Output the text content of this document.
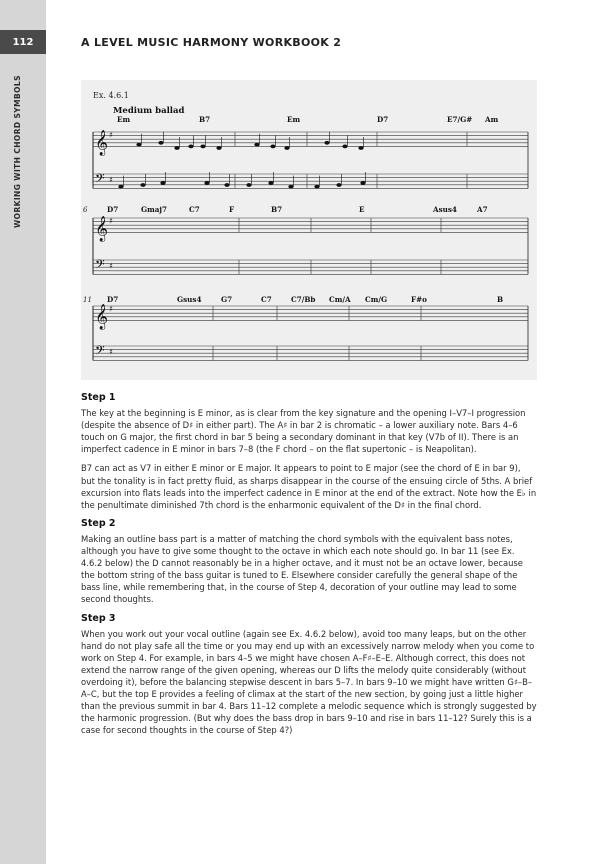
112
WORKING WITH CHORD SYMBOLS
A LEVEL MUSIC HARMONY WORKBOOK 2
Ex. 4.6.1
Medium ballad
𝄞 ♯
𝄢 ♯
Em	B7	Em	D7	E7/G# Am
𝄞 ♯
𝄢 ♯
6	D7	Gmaj7	C7	F	B7	E	Asus4	A7
𝄞 ♯
𝄢 ♯
11 D7	Gsus4	G7	C7	C7/Bb Cm/A Cm/G	F#o	B
Step 1

The key at the beginning is E minor, as is clear from the key signature and the opening I–V7–I progression (despite the absence of D♯ in either part). The A♯ in bar 2 is chromatic – a lower auxiliary note. Bars 4–6 touch on G major, the first chord in bar 5 being a secondary dominant in that key (V7b of II). There is an imperfect cadence in E minor in bars 7–8 (the F chord – on the flat supertonic – is Neapolitan).

B7 can act as V7 in either E minor or E major. It appears to point to E major (see the chord of E in bar 9), but the tonality is in fact pretty fluid, as sharps disappear in the course of the ensuing circle of 5ths. A brief excursion into flats leads into the imperfect cadence in E minor at the end of the extract. Note how the E♭ in the penultimate diminished 7th chord is the enharmonic equivalent of the D♯ in the final chord.

Step 2

Making an outline bass part is a matter of matching the chord symbols with the equivalent bass notes, although you have to give some thought to the octave in which each note should go. In bar 11 (see Ex. 4.6.2 below) the D cannot reasonably be in a higher octave, and it must not be an octave lower, because the bottom string of the bass guitar is tuned to E. Elsewhere consider carefully the general shape of the bass line, while remembering that, in the course of Step 4, decoration of your outline may lead to some second thoughts.

Step 3

When you work out your vocal outline (again see Ex. 4.6.2 below), avoid too many leaps, but on the other hand do not play safe all the time or you may end up with an excessively narrow melody when you come to work on Step 4. For example, in bars 4–5 we might have chosen A–F♯–E–E. Although correct, this does not extend the narrow range of the given opening, whereas our D lifts the melody quite considerably (without overdoing it), before the balancing stepwise descent in bars 5–7. In bars 9–10 we might have written G♯–B–A–C, but the top E provides a feeling of climax at the start of the new section, by going just a little higher than the previous summit in bar 4. Bars 11–12 complete a melodic sequence which is strongly suggested by the harmonic progression. (But why does the bass drop in bars 9–10 and rise in bars 11–12? Surely this is a case for second thoughts in the course of Step 4?)
